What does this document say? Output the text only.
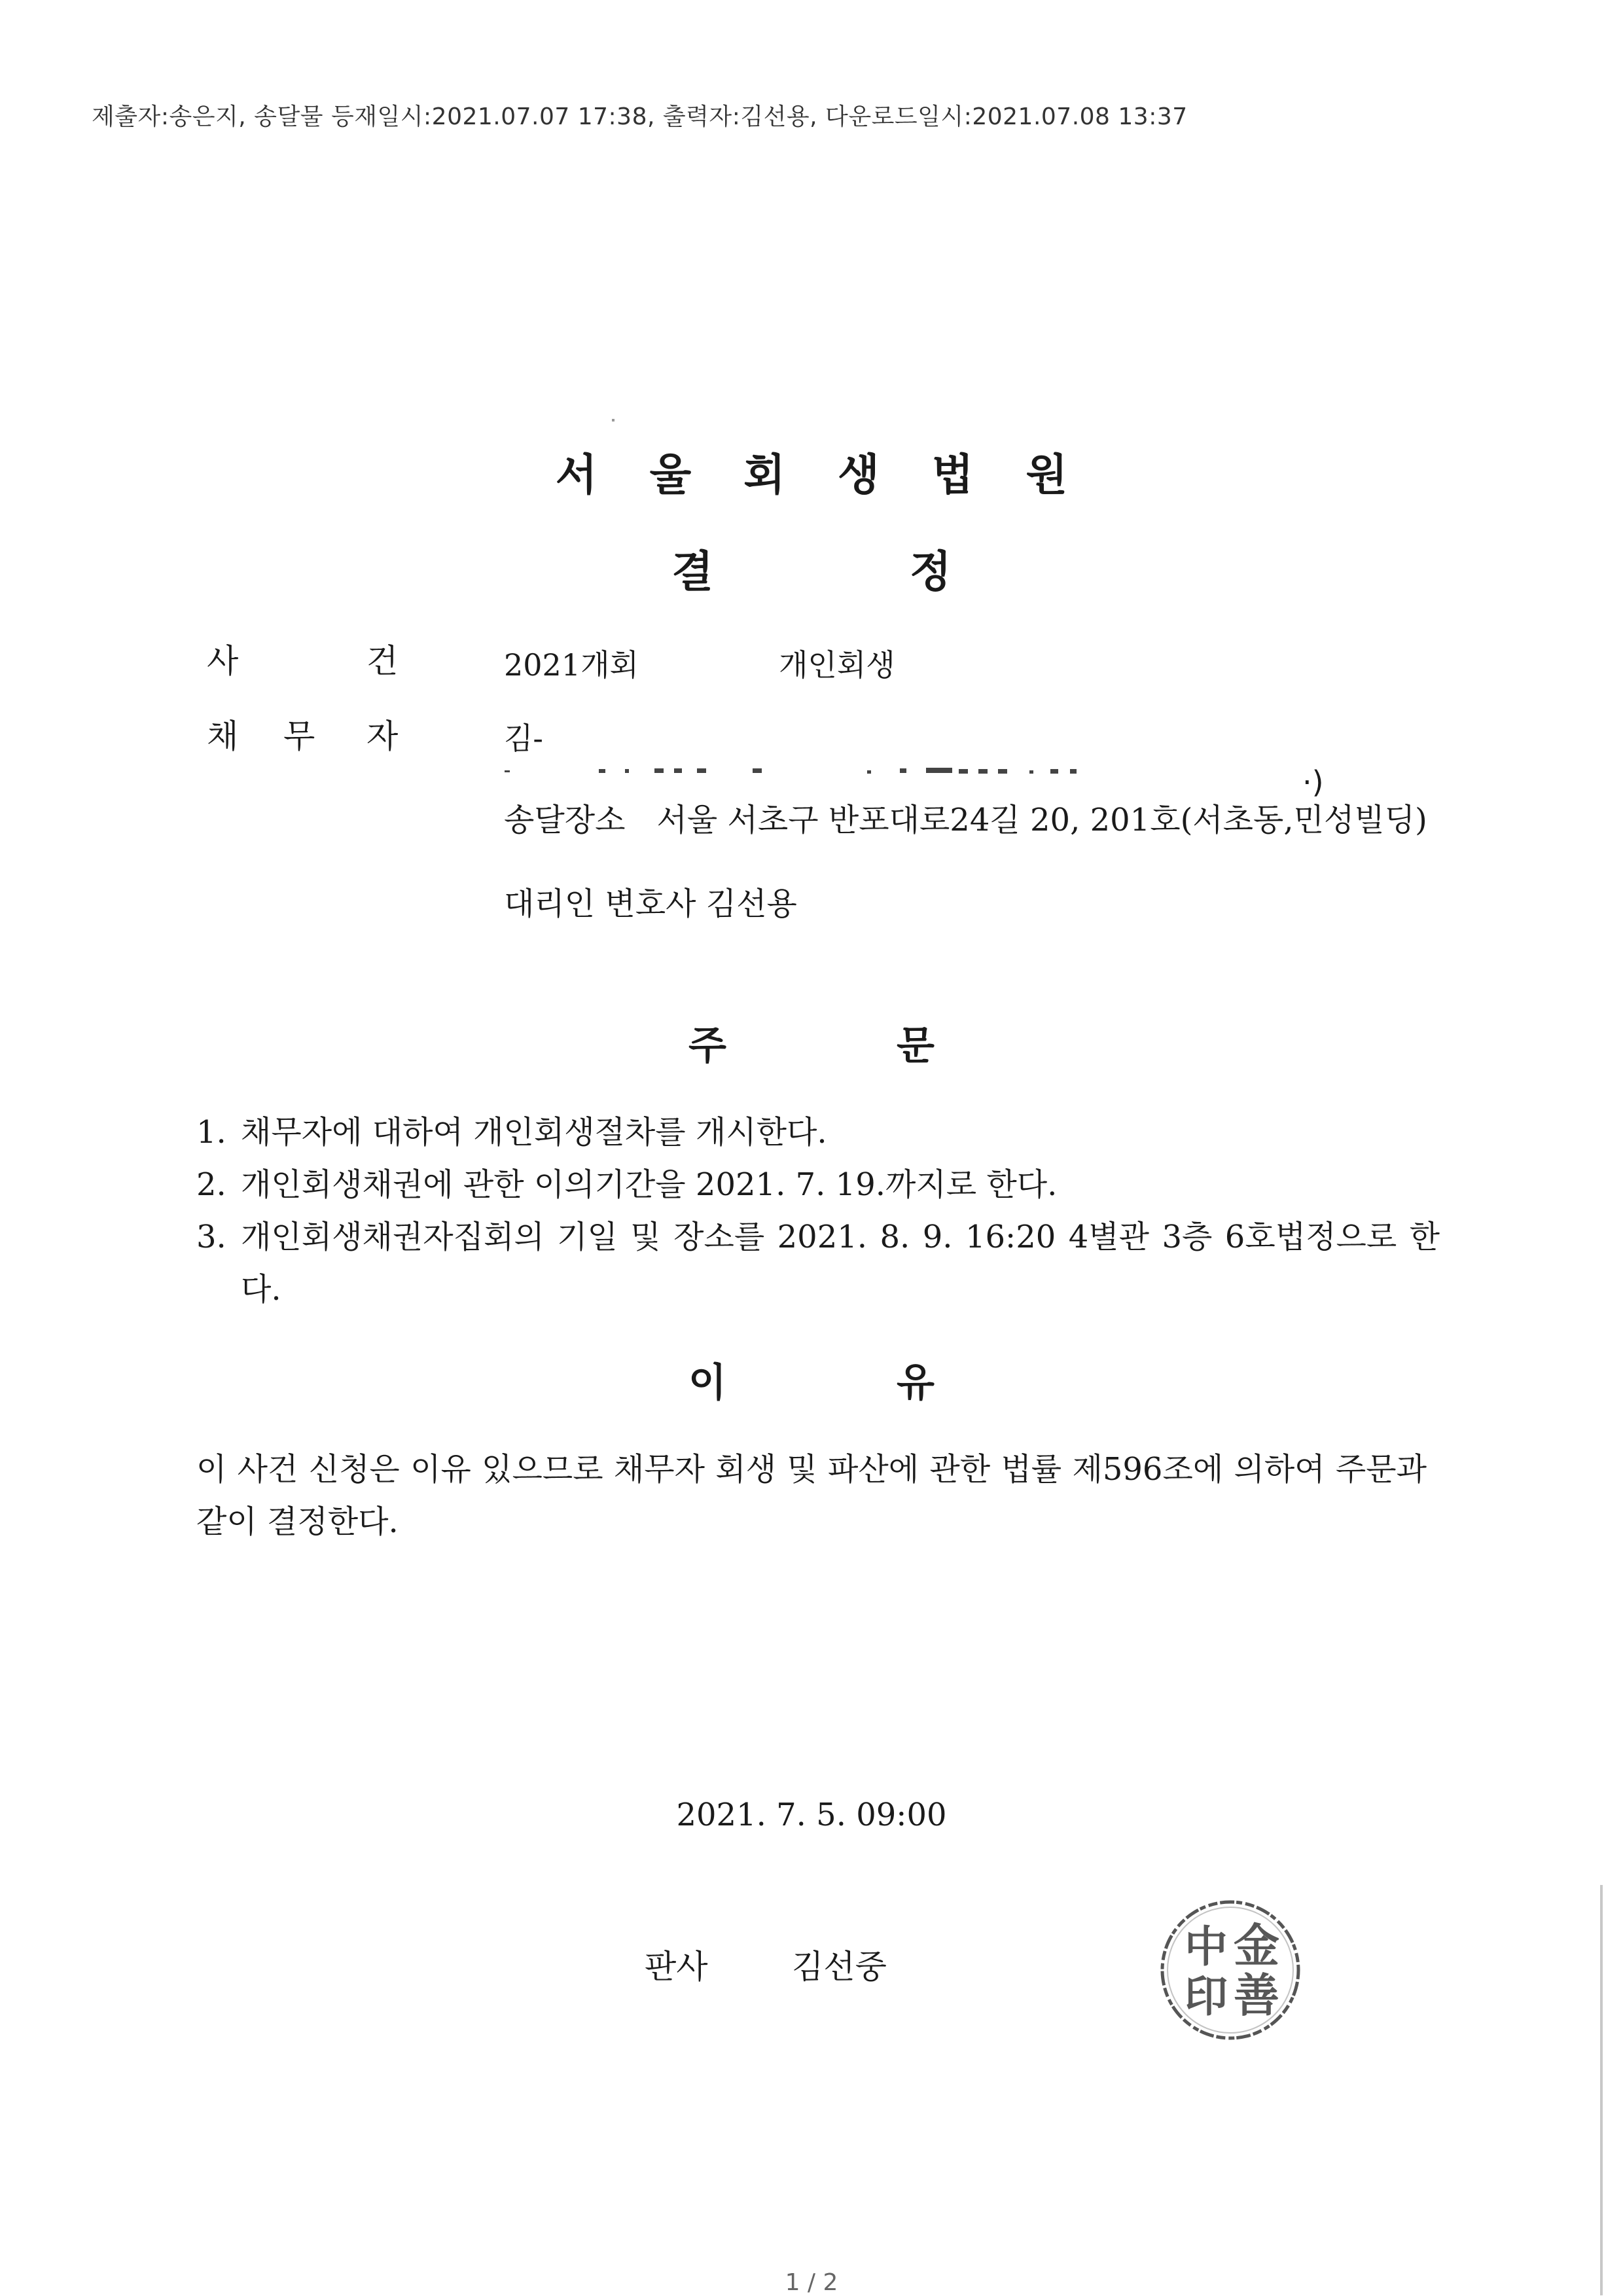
제출자:송은지, 송달물 등재일시:2021.07.07 17:38, 출력자:김선용, 다운로드일시:2021.07.08 13:37
서 울 회 생 법 원
결	정
사	건	2021개회	개인회생
채 무 자	김-
·)
송달장소 서울 서초구 반포대로24길 20, 201호(서초동,민성빌딩)
대리인 변호사 김선용
주	문
1. 채무자에 대하여 개인회생절차를 개시한다.
2. 개인회생채권에 관한 이의기간을 2021. 7. 19.까지로 한다.
3. 개인회생채권자집회의 기일 및 장소를 2021. 8. 9. 16:20 4별관 3층 6호법정으로 한다.
이	유
이 사건 신청은 이유 있으므로 채무자 회생 및 파산에 관한 법률 제596조에 의하여 주문과 같이 결정한다.
2021. 7. 5. 09:00
판사	김선중	金
善
中
印
1 / 2
